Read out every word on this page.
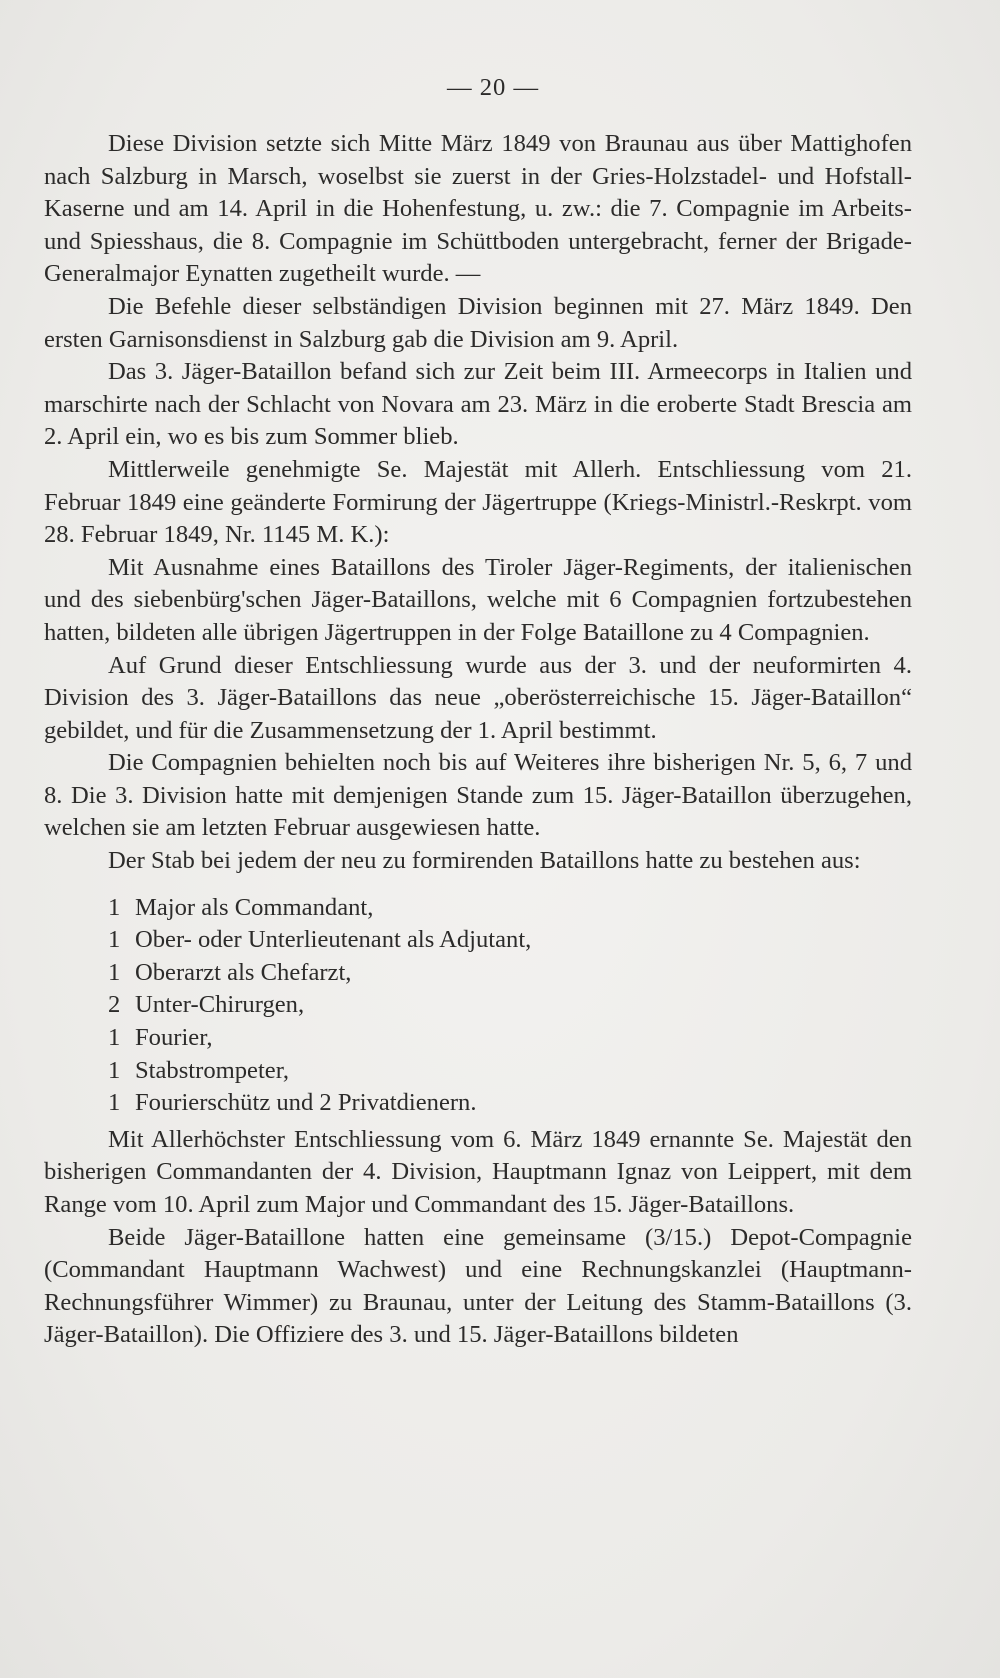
— 20 —

Diese Division setzte sich Mitte März 1849 von Braunau aus über Mattighofen nach Salzburg in Marsch, woselbst sie zuerst in der Gries-Holzstadel- und Hofstall-Kaserne und am 14. April in die Hohenfestung, u. zw.: die 7. Compagnie im Arbeits- und Spiesshaus, die 8. Compagnie im Schüttboden untergebracht, ferner der Brigade-Generalmajor Eynatten zugetheilt wurde. —

Die Befehle dieser selbständigen Division beginnen mit 27. März 1849. Den ersten Garnisonsdienst in Salzburg gab die Division am 9. April.

Das 3. Jäger-Bataillon befand sich zur Zeit beim III. Armeecorps in Italien und marschirte nach der Schlacht von Novara am 23. März in die eroberte Stadt Brescia am 2. April ein, wo es bis zum Sommer blieb.

Mittlerweile genehmigte Se. Majestät mit Allerh. Entschliessung vom 21. Februar 1849 eine geänderte Formirung der Jägertruppe (Kriegs-Ministrl.-Reskrpt. vom 28. Februar 1849, Nr. 1145 M. K.):

Mit Ausnahme eines Bataillons des Tiroler Jäger-Regiments, der italienischen und des siebenbürg'schen Jäger-Bataillons, welche mit 6 Compagnien fortzubestehen hatten, bildeten alle übrigen Jägertruppen in der Folge Bataillone zu 4 Compagnien.

Auf Grund dieser Entschliessung wurde aus der 3. und der neuformirten 4. Division des 3. Jäger-Bataillons das neue „oberösterreichische 15. Jäger-Bataillon“ gebildet, und für die Zusammensetzung der 1. April bestimmt.

Die Compagnien behielten noch bis auf Weiteres ihre bisherigen Nr. 5, 6, 7 und 8. Die 3. Division hatte mit demjenigen Stande zum 15. Jäger-Bataillon überzugehen, welchen sie am letzten Februar ausgewiesen hatte.

Der Stab bei jedem der neu zu formirenden Bataillons hatte zu bestehen aus:

1 Major als Commandant,
1 Ober- oder Unterlieutenant als Adjutant,
1 Oberarzt als Chefarzt,
2 Unter-Chirurgen,
1 Fourier,
1 Stabstrompeter,
1 Fourierschütz und 2 Privatdienern.

Mit Allerhöchster Entschliessung vom 6. März 1849 ernannte Se. Majestät den bisherigen Commandanten der 4. Division, Hauptmann Ignaz von Leippert, mit dem Range vom 10. April zum Major und Commandant des 15. Jäger-Bataillons.

Beide Jäger-Bataillone hatten eine gemeinsame (3/15.) Depot-Compagnie (Commandant Hauptmann Wachwest) und eine Rechnungskanzlei (Hauptmann-Rechnungsführer Wimmer) zu Braunau, unter der Leitung des Stamm-Bataillons (3. Jäger-Bataillon). Die Offiziere des 3. und 15. Jäger-Bataillons bildeten
